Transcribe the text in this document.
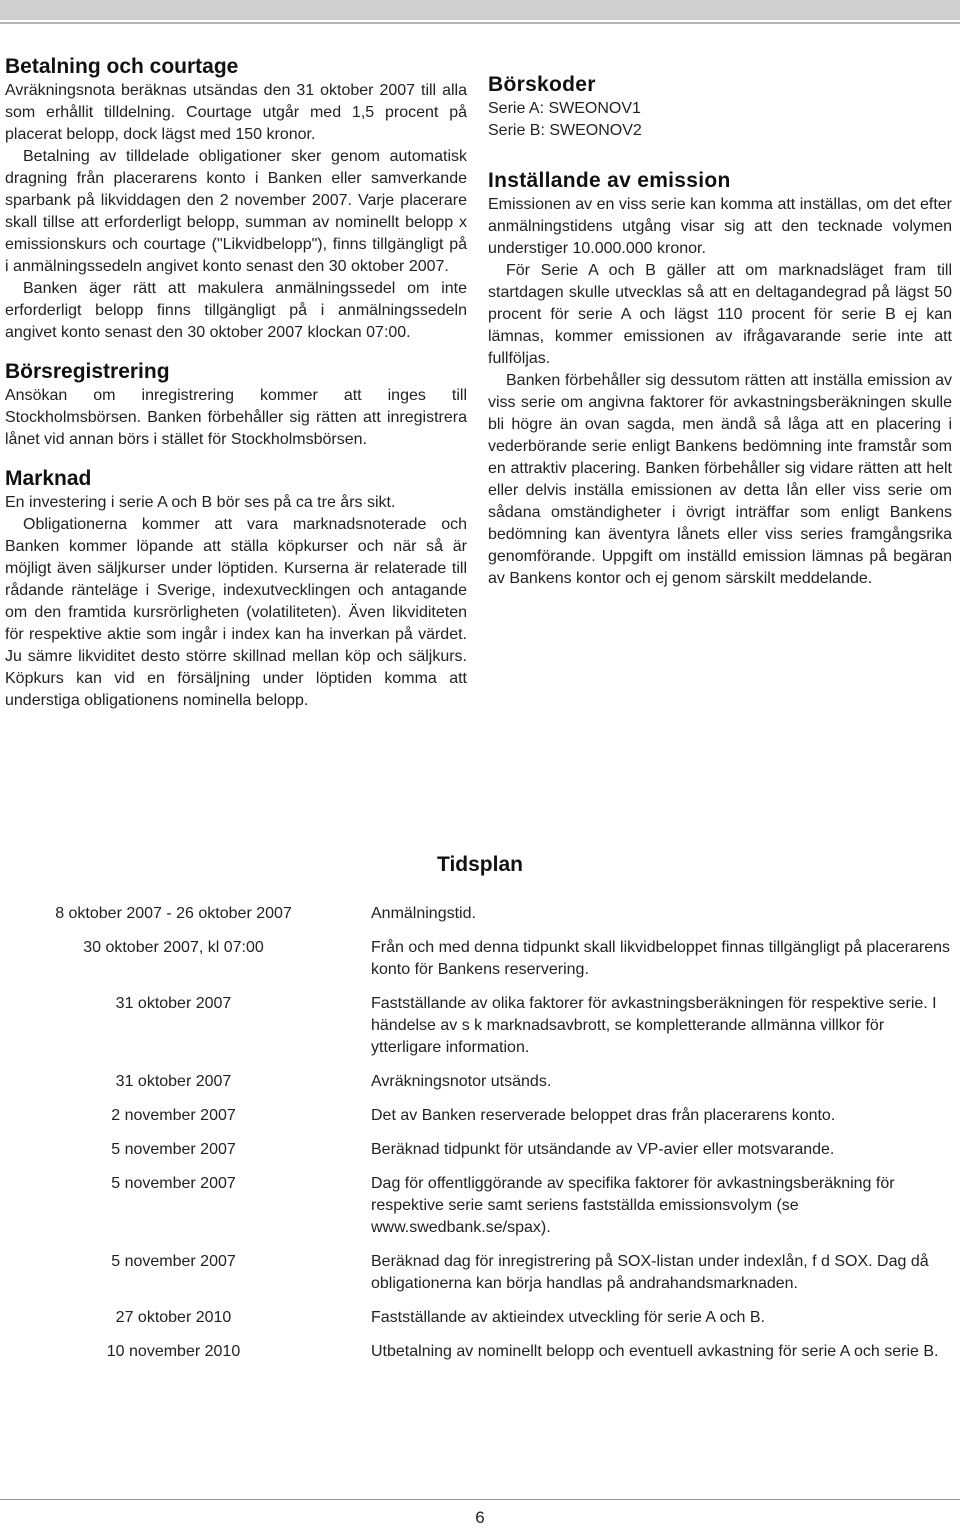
Betalning och courtage

Avräkningsnota beräknas utsändas den 31 oktober 2007 till alla som erhållit tilldelning. Courtage utgår med 1,5 procent på placerat belopp, dock lägst med 150 kronor.

Betalning av tilldelade obligationer sker genom automatisk dragning från placerarens konto i Banken eller samverkande sparbank på likviddagen den 2 november 2007. Varje placerare skall tillse att erforderligt belopp, summan av nominellt belopp x emissionskurs och courtage ("Likvidbelopp"), finns tillgängligt på i anmälningssedeln angivet konto senast den 30 oktober 2007.

Banken äger rätt att makulera anmälningssedel om inte erforderligt belopp finns tillgängligt på i anmälningssedeln angivet konto senast den 30 oktober 2007 klockan 07:00.

Börsregistrering

Ansökan om inregistrering kommer att inges till Stockholmsbörsen. Banken förbehåller sig rätten att inregistrera lånet vid annan börs i stället för Stockholmsbörsen.

Marknad

En investering i serie A och B bör ses på ca tre års sikt.

Obligationerna kommer att vara marknadsnoterade och Banken kommer löpande att ställa köpkurser och när så är möjligt även säljkurser under löptiden. Kurserna är relaterade till rådande ränteläge i Sverige, indexutvecklingen och antagande om den framtida kursrörligheten (volatiliteten). Även likviditeten för respektive aktie som ingår i index kan ha inverkan på värdet. Ju sämre likviditet desto större skillnad mellan köp och säljkurs. Köpkurs kan vid en försäljning under löptiden komma att understiga obligationens nominella belopp.

Börskoder

Serie A: SWEONOV1

Serie B: SWEONOV2

Inställande av emission

Emissionen av en viss serie kan komma att inställas, om det efter anmälningstidens utgång visar sig att den tecknade volymen understiger 10.000.000 kronor.

För Serie A och B gäller att om marknadsläget fram till startdagen skulle utvecklas så att en deltagandegrad på lägst 50 procent för serie A och lägst 110 procent för serie B ej kan lämnas, kommer emissionen av ifrågavarande serie inte att fullföljas.

Banken förbehåller sig dessutom rätten att inställa emission av viss serie om angivna faktorer för avkastningsberäkningen skulle bli högre än ovan sagda, men ändå så låga att en placering i vederbörande serie enligt Bankens bedömning inte framstår som en attraktiv placering. Banken förbehåller sig vidare rätten att helt eller delvis inställa emissionen av detta lån eller viss serie om sådana omständigheter i övrigt inträffar som enligt Bankens bedömning kan äventyra lånets eller viss series framgångsrika genomförande. Uppgift om inställd emission lämnas på begäran av Bankens kontor och ej genom särskilt meddelande.

Tidsplan
8 oktober 2007 - 26 oktober 2007	Anmälningstid.
30 oktober 2007, kl 07:00	Från och med denna tidpunkt skall likvidbeloppet finnas tillgängligt på placerarens konto för Bankens reservering.
31 oktober 2007	Fastställande av olika faktorer för avkastningsberäkningen för respektive serie. I händelse av s k marknadsavbrott, se kompletterande allmänna villkor för ytterligare information.
31 oktober 2007	Avräkningsnotor utsänds.
2 november 2007	Det av Banken reserverade beloppet dras från placerarens konto.
5 november 2007	Beräknad tidpunkt för utsändande av VP-avier eller motsvarande.
5 november 2007	Dag för offentliggörande av specifika faktorer för avkastningsberäkning för respektive serie samt seriens fastställda emissionsvolym (se www.swedbank.se/spax).
5 november 2007	Beräknad dag för inregistrering på SOX-listan under indexlån, f d SOX. Dag då obligationerna kan börja handlas på andrahandsmarknaden.
27 oktober 2010	Fastställande av aktieindex utveckling för serie A och B.
10 november 2010	Utbetalning av nominellt belopp och eventuell avkastning för serie A och serie B.
6
